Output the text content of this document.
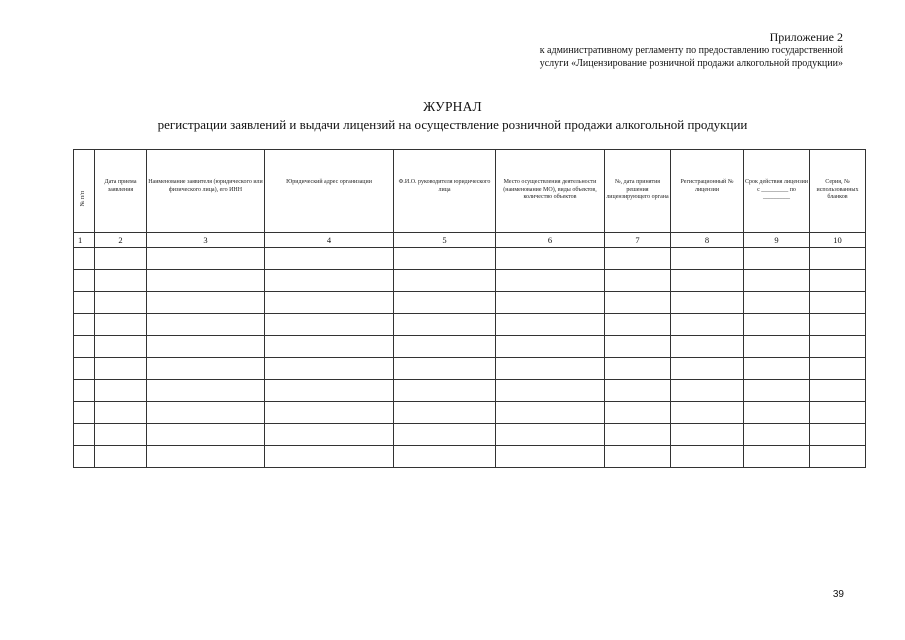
Приложение 2
к административному регламенту по предоставлению государственной
услуги «Лицензирование розничной продажи алкогольной продукции»
ЖУРНАЛ
регистрации заявлений и выдачи лицензий на осуществление розничной продажи алкогольной продукции
№ п/п	Дата приема заявления	Наименование заявителя (юридического или физического лица), его ИНН	Юридический адрес организации	Ф.И.О. руководителя юридического лица	Место осуществления деятельности (наименование МО), виды объектов, количество объектов	№, дата принятия решения лицензирующего органа	Регистрационный № лицензии	Срок действия лицензии с _________ по _________	Серия, № использованных бланков
1	2	3	4	5	6	7	8	9	10

39
